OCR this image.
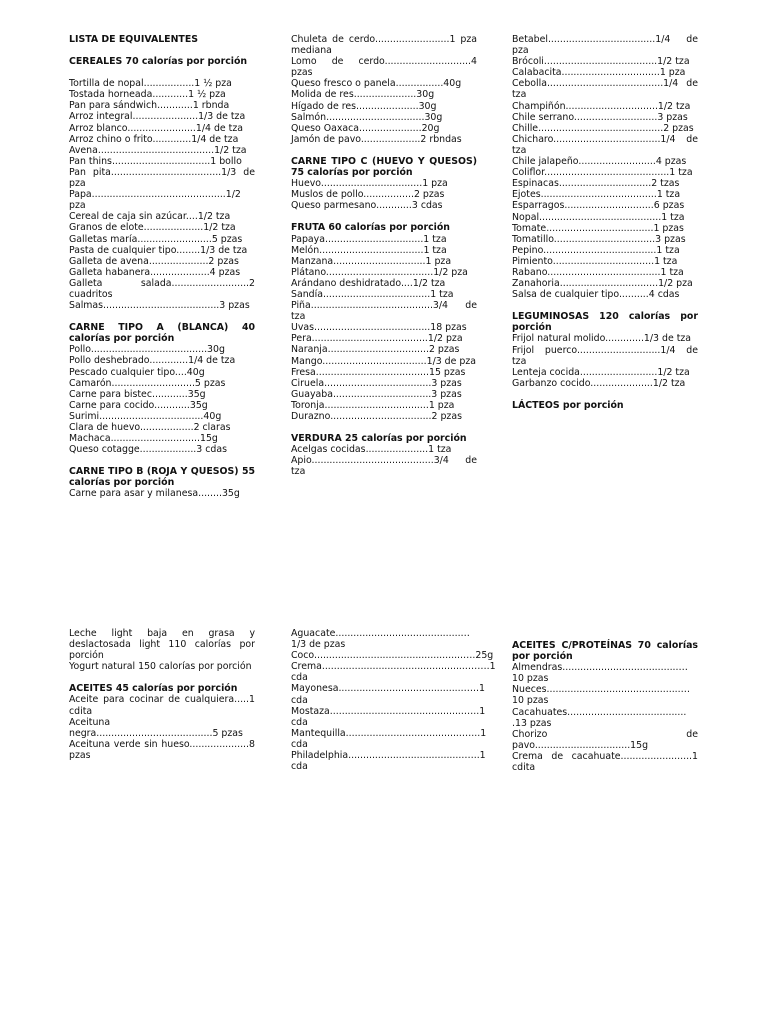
LISTA DE EQUIVALENTES
CEREALES 70 calorías por porción
Tortilla de nopal.................1 ½ pza
Tostada horneada............1 ½ pza
Pan para sándwich............1 rbnda
Arroz integral......................1/3 de tza
Arroz blanco.......................1/4 de tza
Arroz chino o frito.............1/4 de tza
Avena.......................................1/2 tza
Pan thins.................................1 bollo
Pan pita.....................................1/3 de pza
Papa.............................................1/2 pza
Cereal de caja sin azúcar....1/2 tza
Granos de elote....................1/2 tza
Galletas maría.........................5 pzas
Pasta de cualquier tipo........1/3 de tza
Galleta de avena....................2 pzas
Galleta habanera....................4 pzas
Galleta salada..........................2 cuadritos
Salmas.......................................3 pzas
CARNE TIPO A (BLANCA) 40 calorías por porción
Pollo.......................................30g
Pollo deshebrado.............1/4 de tza
Pescado cualquier tipo....40g
Camarón............................5 pzas
Carne para bistec............35g
Carne para cocido............35g
Surimi...................................40g
Clara de huevo..................2 claras
Machaca..............................15g
Queso cotagge...................3 cdas
CARNE TIPO B (ROJA Y QUESOS) 55 calorías por porción
Carne para asar y milanesa........35g
Chuleta de cerdo.........................1 pza mediana
Lomo de cerdo.............................4 pzas
Queso fresco o panela................40g
Molida de res.....................30g
Hígado de res.....................30g
Salmón.................................30g
Queso Oaxaca.....................20g
Jamón de pavo....................2 rbndas
CARNE TIPO C (HUEVO Y QUESOS) 75 calorías por porción
Huevo..................................1 pza
Muslos de pollo.................2 pzas
Queso parmesano............3 cdas
FRUTA 60 calorías por porción
Papaya.................................1 tza
Melón...................................1 tza
Manzana...............................1 pza
Plátano....................................1/2 pza
Arándano deshidratado....1/2 tza
Sandía....................................1 tza
Piña.........................................3/4 de tza
Uvas.......................................18 pzas
Pera.......................................1/2 pza
Naranja..................................2 pzas
Mango...................................1/3 de pza
Fresa......................................15 pzas
Ciruela....................................3 pzas
Guayaba.................................3 pzas
Toronja...................................1 pza
Durazno..................................2 pzas
VERDURA 25 calorías por porción
Acelgas cocidas.....................1 tza
Apio.........................................3/4 de tza
Betabel....................................1/4 de pza
Brócoli......................................1/2 tza
Calabacita.................................1 pza
Cebolla.......................................1/4 de tza
Champiñón...............................1/2 tza
Chile serrano............................3 pzas
Chille..........................................2 pzas
Chicharo....................................1/4 de tza
Chile jalapeño..........................4 pzas
Coliflor..........................................1 tza
Espinacas...............................2 tzas
Ejotes.......................................1 tza
Esparragos..............................6 pzas
Nopal.........................................1 tza
Tomate....................................1 pzas
Tomatillo..................................3 pzas
Pepino......................................1 tza
Pimiento..................................1 tza
Rabano......................................1 tza
Zanahoria.................................1/2 pza
Salsa de cualquier tipo..........4 cdas
LEGUMINOSAS 120 calorías por porción
Frijol natural molido.............1/3 de tza
Frijol puerco............................1/4 de tza
Lenteja cocida..........................1/2 tza
Garbanzo cocido.....................1/2 tza
LÁCTEOS por porción
Leche light baja en grasa y deslactosada light 110 calorías por porción
Yogurt natural 150 calorías por porción
ACEITES 45 calorías por porción
Aceite para cocinar de cualquiera.....1 cdita
Aceituna negra.......................................5 pzas
Aceituna verde sin hueso....................8 pzas
Aguacate..........................................…1/3 de pzas
Coco..................................................….25g
Crema.................................................…….1 cda
Mayonesa..........................................…..1 cda
Mostaza.............................................…..1 cda
Mantequilla.......................................…...1 cda
Philadelphia.......................................…..1 cda
ACEITES C/PROTEÍNAS 70 calorías por porción
Almendras.......................................…10 pzas
Nueces.............................................…10 pzas
Cacahuates........................................ .13 pzas
Chorizo de pavo................................15g
Crema de cacahuate........................1 cdita
